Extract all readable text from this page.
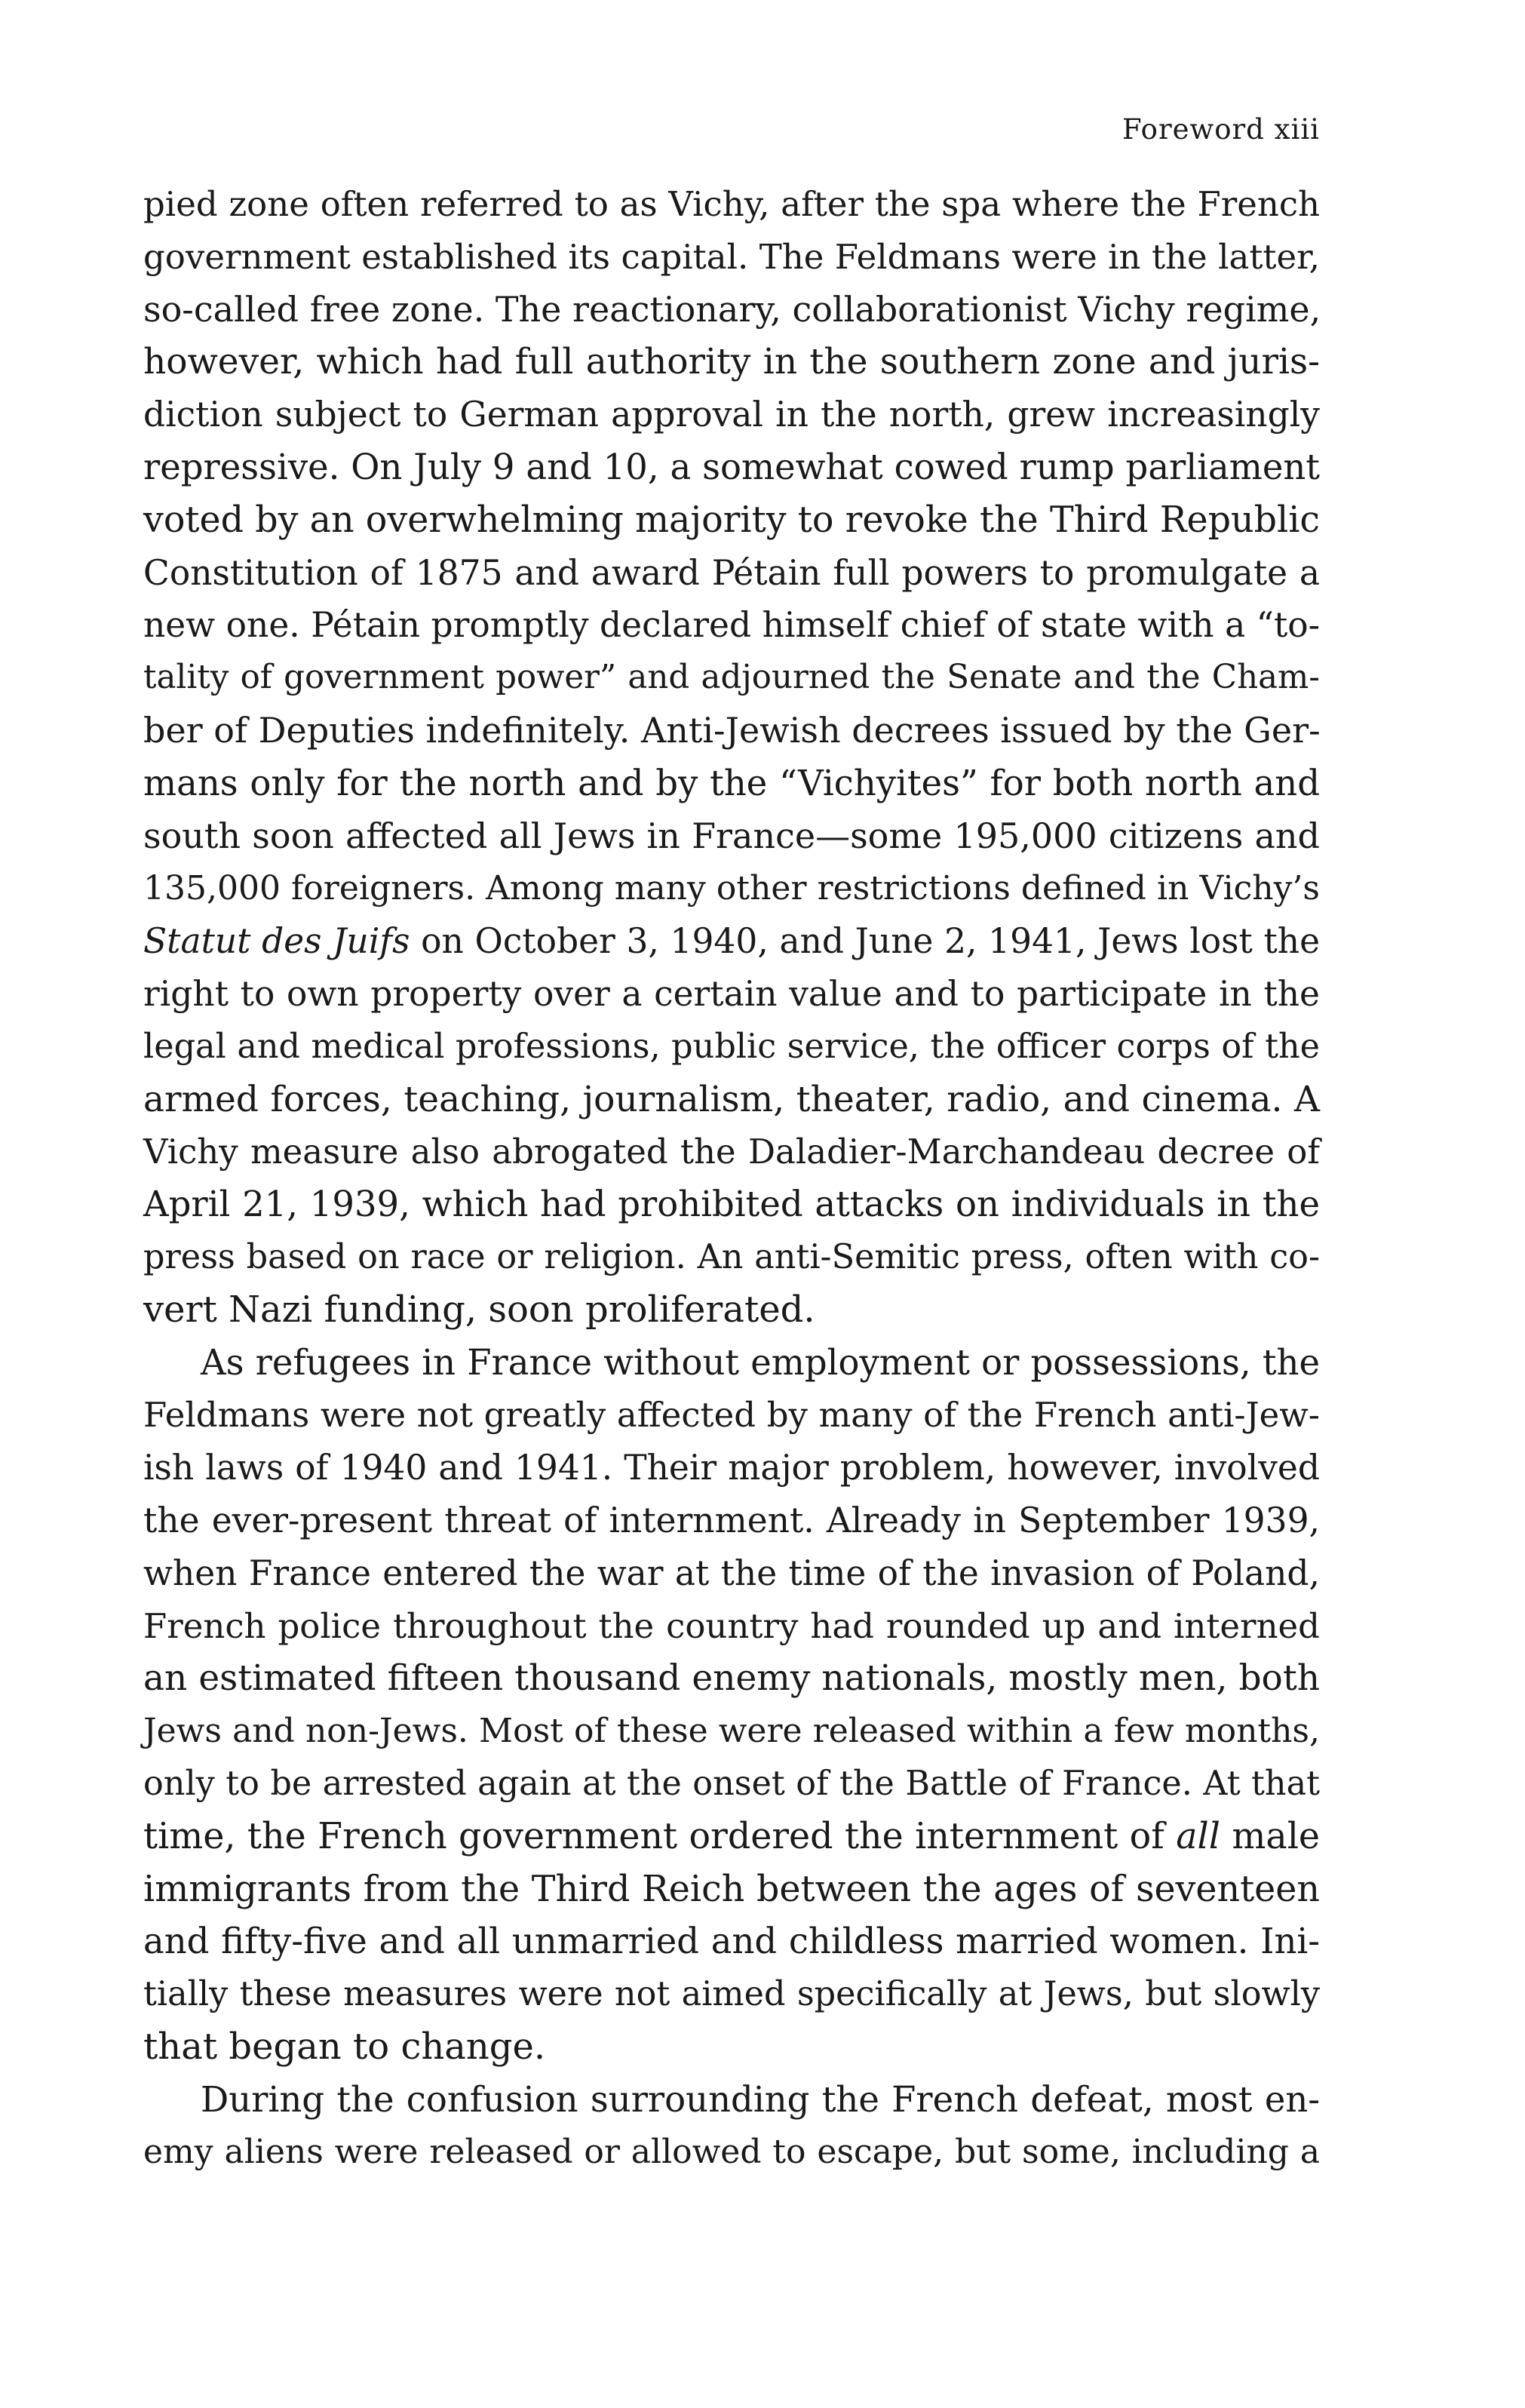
Foreword xiii
pied zone often referred to as Vichy, after the spa where the French
government established its capital. The Feldmans were in the latter,
so-called free zone. The reactionary, collaborationist Vichy regime,
however, which had full authority in the southern zone and juris-
diction subject to German approval in the north, grew increasingly
repressive. On July 9 and 10, a somewhat cowed rump parliament
voted by an overwhelming majority to revoke the Third Republic
Constitution of 1875 and award Pétain full powers to promulgate a
new one. Pétain promptly declared himself chief of state with a “to-
tality of government power” and adjourned the Senate and the Cham-
ber of Deputies indefinitely. Anti-Jewish decrees issued by the Ger-
mans only for the north and by the “Vichyites” for both north and
south soon affected all Jews in France—some 195,000 citizens and
135,000 foreigners. Among many other restrictions defined in Vichy’s
Statut des Juifs on October 3, 1940, and June 2, 1941, Jews lost the
right to own property over a certain value and to participate in the
legal and medical professions, public service, the officer corps of the
armed forces, teaching, journalism, theater, radio, and cinema. A
Vichy measure also abrogated the Daladier-Marchandeau decree of
April 21, 1939, which had prohibited attacks on individuals in the
press based on race or religion. An anti-Semitic press, often with co-
vert Nazi funding, soon proliferated.
As refugees in France without employment or possessions, the
Feldmans were not greatly affected by many of the French anti-Jew-
ish laws of 1940 and 1941. Their major problem, however, involved
the ever-present threat of internment. Already in September 1939,
when France entered the war at the time of the invasion of Poland,
French police throughout the country had rounded up and interned
an estimated fifteen thousand enemy nationals, mostly men, both
Jews and non-Jews. Most of these were released within a few months,
only to be arrested again at the onset of the Battle of France. At that
time, the French government ordered the internment of all male
immigrants from the Third Reich between the ages of seventeen
and fifty-five and all unmarried and childless married women. Ini-
tially these measures were not aimed specifically at Jews, but slowly
that began to change.
During the confusion surrounding the French defeat, most en-
emy aliens were released or allowed to escape, but some, including a
